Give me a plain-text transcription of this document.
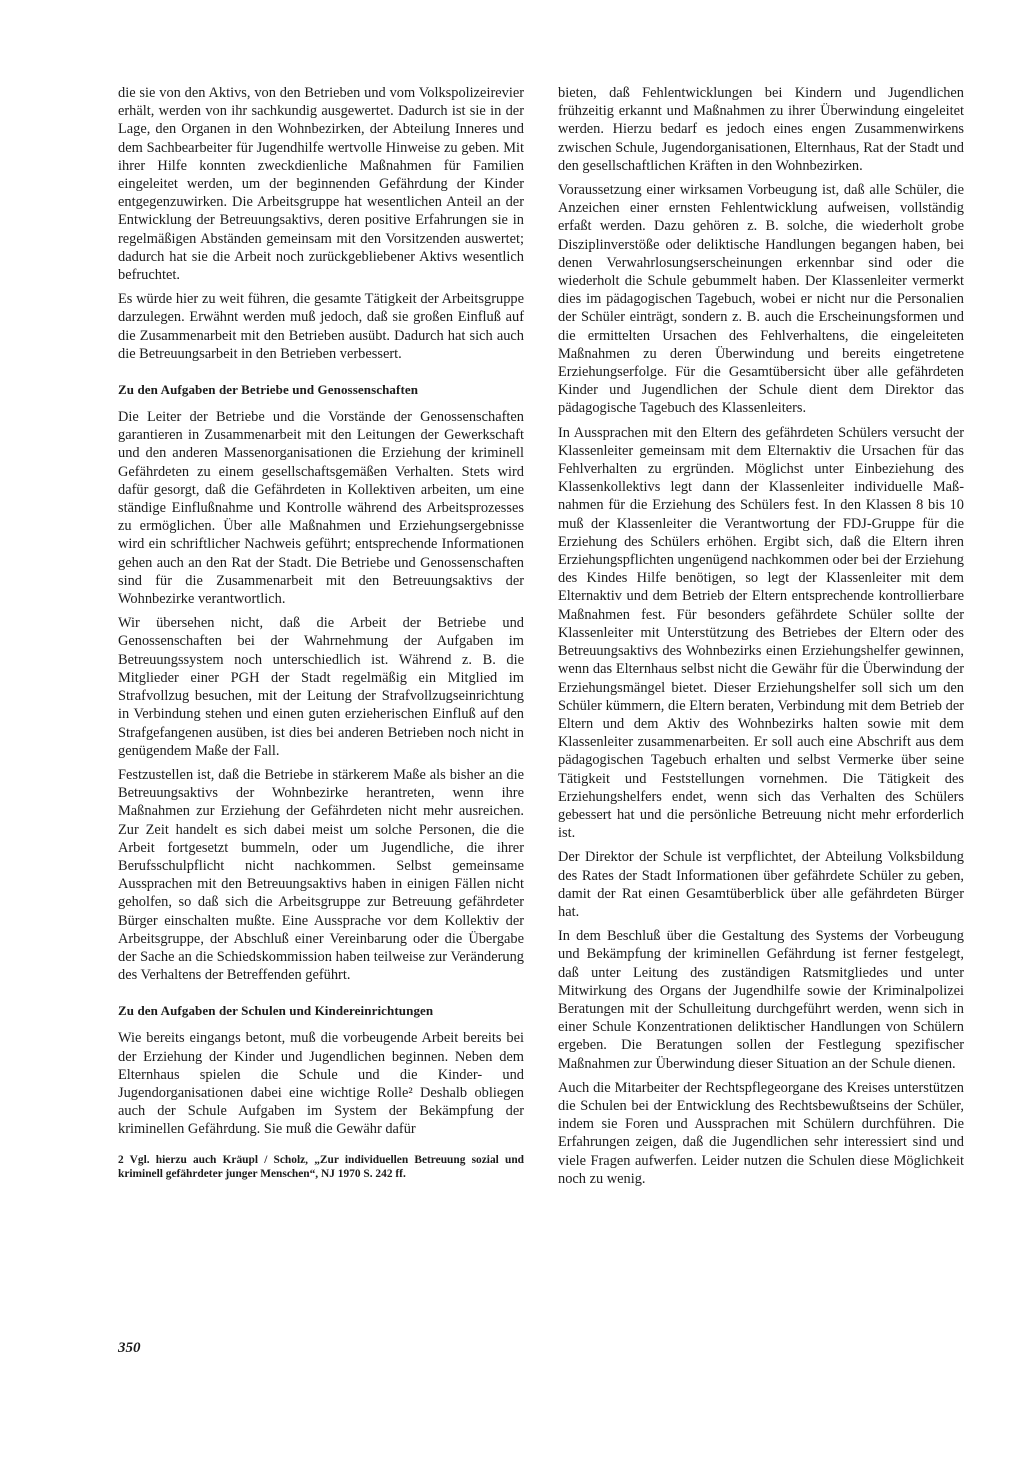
die sie von den Aktivs, von den Betrieben und vom Volkspolizeirevier erhält, werden von ihr sachkundig ausgewertet. Dadurch ist sie in der Lage, den Organen in den Wohnbezirken, der Abteilung Inneres und dem Sachbearbeiter für Jugendhilfe wertvolle Hinweise zu geben. Mit ihrer Hilfe konnten zweckdienliche Maßnahmen für Familien eingeleitet werden, um der beginnenden Gefährdung der Kinder entgegenzuwirken. Die Arbeitsgruppe hat wesentlichen Anteil an der Entwicklung der Betreuungsaktivs, deren positive Erfahrungen sie in regelmäßigen Abständen gemeinsam mit den Vorsitzenden auswertet; dadurch hat sie die Arbeit noch zurückgebliebener Aktivs wesentlich befruchtet.

Es würde hier zu weit führen, die gesamte Tätigkeit der Arbeitsgruppe darzulegen. Erwähnt werden muß jedoch, daß sie großen Einfluß auf die Zusammenarbeit mit den Betrieben ausübt. Dadurch hat sich auch die Betreuungsarbeit in den Betrieben verbessert.

Zu den Aufgaben der Betriebe und Genossenschaften

Die Leiter der Betriebe und die Vorstände der Genossenschaften garantieren in Zusammenarbeit mit den Leitungen der Gewerkschaft und den anderen Massenorganisationen die Erziehung der kriminell Gefährdeten zu einem gesellschaftsgemäßen Verhalten. Stets wird dafür gesorgt, daß die Gefährdeten in Kollektiven arbeiten, um eine ständige Einflußnahme und Kontrolle während des Arbeitsprozesses zu ermöglichen. Über alle Maßnahmen und Erziehungsergebnisse wird ein schriftlicher Nachweis geführt; entsprechende Informationen gehen auch an den Rat der Stadt. Die Betriebe und Genossenschaften sind für die Zusammenarbeit mit den Betreuungsaktivs der Wohnbezirke verantwortlich.

Wir übersehen nicht, daß die Arbeit der Betriebe und Genossenschaften bei der Wahrnehmung der Aufgaben im Betreuungssystem noch unterschiedlich ist. Während z. B. die Mitglieder einer PGH der Stadt regelmäßig ein Mitglied im Strafvollzug besuchen, mit der Leitung der Strafvollzugseinrichtung in Verbindung stehen und einen guten erzieherischen Einfluß auf den Strafgefangenen ausüben, ist dies bei anderen Betrieben noch nicht in genügendem Maße der Fall.

Festzustellen ist, daß die Betriebe in stärkerem Maße als bisher an die Betreuungsaktivs der Wohnbezirke herantreten, wenn ihre Maßnahmen zur Erziehung der Gefährdeten nicht mehr ausreichen. Zur Zeit handelt es sich dabei meist um solche Personen, die die Arbeit fortgesetzt bummeln, oder um Jugendliche, die ihrer Berufsschulpflicht nicht nachkommen. Selbst gemeinsame Aussprachen mit den Betreuungsaktivs haben in einigen Fällen nicht geholfen, so daß sich die Arbeitsgruppe zur Betreuung gefährdeter Bürger einschalten mußte. Eine Aussprache vor dem Kollektiv der Arbeitsgruppe, der Abschluß einer Vereinbarung oder die Übergabe der Sache an die Schiedskommission haben teilweise zur Veränderung des Verhaltens der Betreffenden geführt.

Zu den Aufgaben der Schulen und Kindereinrichtungen

Wie bereits eingangs betont, muß die vorbeugende Arbeit bereits bei der Erziehung der Kinder und Jugendlichen beginnen. Neben dem Elternhaus spielen die Schule und die Kinder- und Jugendorganisationen dabei eine wichtige Rolle² Deshalb obliegen auch der Schule Aufgaben im System der Bekämpfung der kriminellen Gefährdung. Sie muß die Gewähr dafür

2 Vgl. hierzu auch Kräupl / Scholz, „Zur individuellen Betreuung sozial und kriminell gefährdeter junger Menschen“, NJ 1970 S. 242 ff.

bieten, daß Fehlentwicklungen bei Kindern und Jugendlichen frühzeitig erkannt und Maßnahmen zu ihrer Überwindung eingeleitet werden. Hierzu bedarf es jedoch eines engen Zusammenwirkens zwischen Schule, Jugendorganisationen, Elternhaus, Rat der Stadt und den gesellschaftlichen Kräften in den Wohnbezirken.

Voraussetzung einer wirksamen Vorbeugung ist, daß alle Schüler, die Anzeichen einer ernsten Fehlentwicklung aufweisen, vollständig erfaßt werden. Dazu gehören z. B. solche, die wiederholt grobe Disziplinverstöße oder deliktische Handlungen begangen haben, bei denen Verwahrlosungserscheinungen erkennbar sind oder die wiederholt die Schule gebummelt haben. Der Klassenleiter vermerkt dies im pädagogischen Tagebuch, wobei er nicht nur die Personalien der Schüler einträgt, sondern z. B. auch die Erscheinungsformen und die ermittelten Ursachen des Fehlverhaltens, die eingeleiteten Maßnahmen zu deren Überwindung und bereits eingetretene Erziehungserfolge. Für die Gesamtübersicht über alle gefährdeten Kinder und Jugendlichen der Schule dient dem Direktor das pädagogische Tagebuch des Klassenleiters.

In Aussprachen mit den Eltern des gefährdeten Schülers versucht der Klassenleiter gemeinsam mit dem Elternaktiv die Ursachen für das Fehlverhalten zu ergründen. Möglichst unter Einbeziehung des Klassenkollektivs legt dann der Klassenleiter individuelle Maßnahmen für die Erziehung des Schülers fest. In den Klassen 8 bis 10 muß der Klassenleiter die Verantwortung der FDJ-Gruppe für die Erziehung des Schülers erhöhen. Ergibt sich, daß die Eltern ihren Erziehungspflichten ungenügend nachkommen oder bei der Erziehung des Kindes Hilfe benötigen, so legt der Klassenleiter mit dem Elternaktiv und dem Betrieb der Eltern entsprechende kontrollierbare Maßnahmen fest. Für besonders gefährdete Schüler sollte der Klassenleiter mit Unterstützung des Betriebes der Eltern oder des Betreuungsaktivs des Wohnbezirks einen Erziehungshelfer gewinnen, wenn das Elternhaus selbst nicht die Gewähr für die Überwindung der Erziehungsmängel bietet. Dieser Erziehungshelfer soll sich um den Schüler kümmern, die Eltern beraten, Verbindung mit dem Betrieb der Eltern und dem Aktiv des Wohnbezirks halten sowie mit dem Klassenleiter zusammenarbeiten. Er soll auch eine Abschrift aus dem pädagogischen Tagebuch erhalten und selbst Vermerke über seine Tätigkeit und Feststellungen vornehmen. Die Tätigkeit des Erziehungshelfers endet, wenn sich das Verhalten des Schülers gebessert hat und die persönliche Betreuung nicht mehr erforderlich ist.

Der Direktor der Schule ist verpflichtet, der Abteilung Volksbildung des Rates der Stadt Informationen über gefährdete Schüler zu geben, damit der Rat einen Gesamtüberblick über alle gefährdeten Bürger hat.

In dem Beschluß über die Gestaltung des Systems der Vorbeugung und Bekämpfung der kriminellen Gefährdung ist ferner festgelegt, daß unter Leitung des zuständigen Ratsmitgliedes und unter Mitwirkung des Organs der Jugendhilfe sowie der Kriminalpolizei Beratungen mit der Schulleitung durchgeführt werden, wenn sich in einer Schule Konzentrationen deliktischer Handlungen von Schülern ergeben. Die Beratungen sollen der Festlegung spezifischer Maßnahmen zur Überwindung dieser Situation an der Schule dienen.

Auch die Mitarbeiter der Rechtspflegeorgane des Kreises unterstützen die Schulen bei der Entwicklung des Rechtsbewußtseins der Schüler, indem sie Foren und Aussprachen mit Schülern durchführen. Die Erfahrungen zeigen, daß die Jugendlichen sehr interessiert sind und viele Fragen aufwerfen. Leider nutzen die Schulen diese Möglichkeit noch zu wenig.

350
